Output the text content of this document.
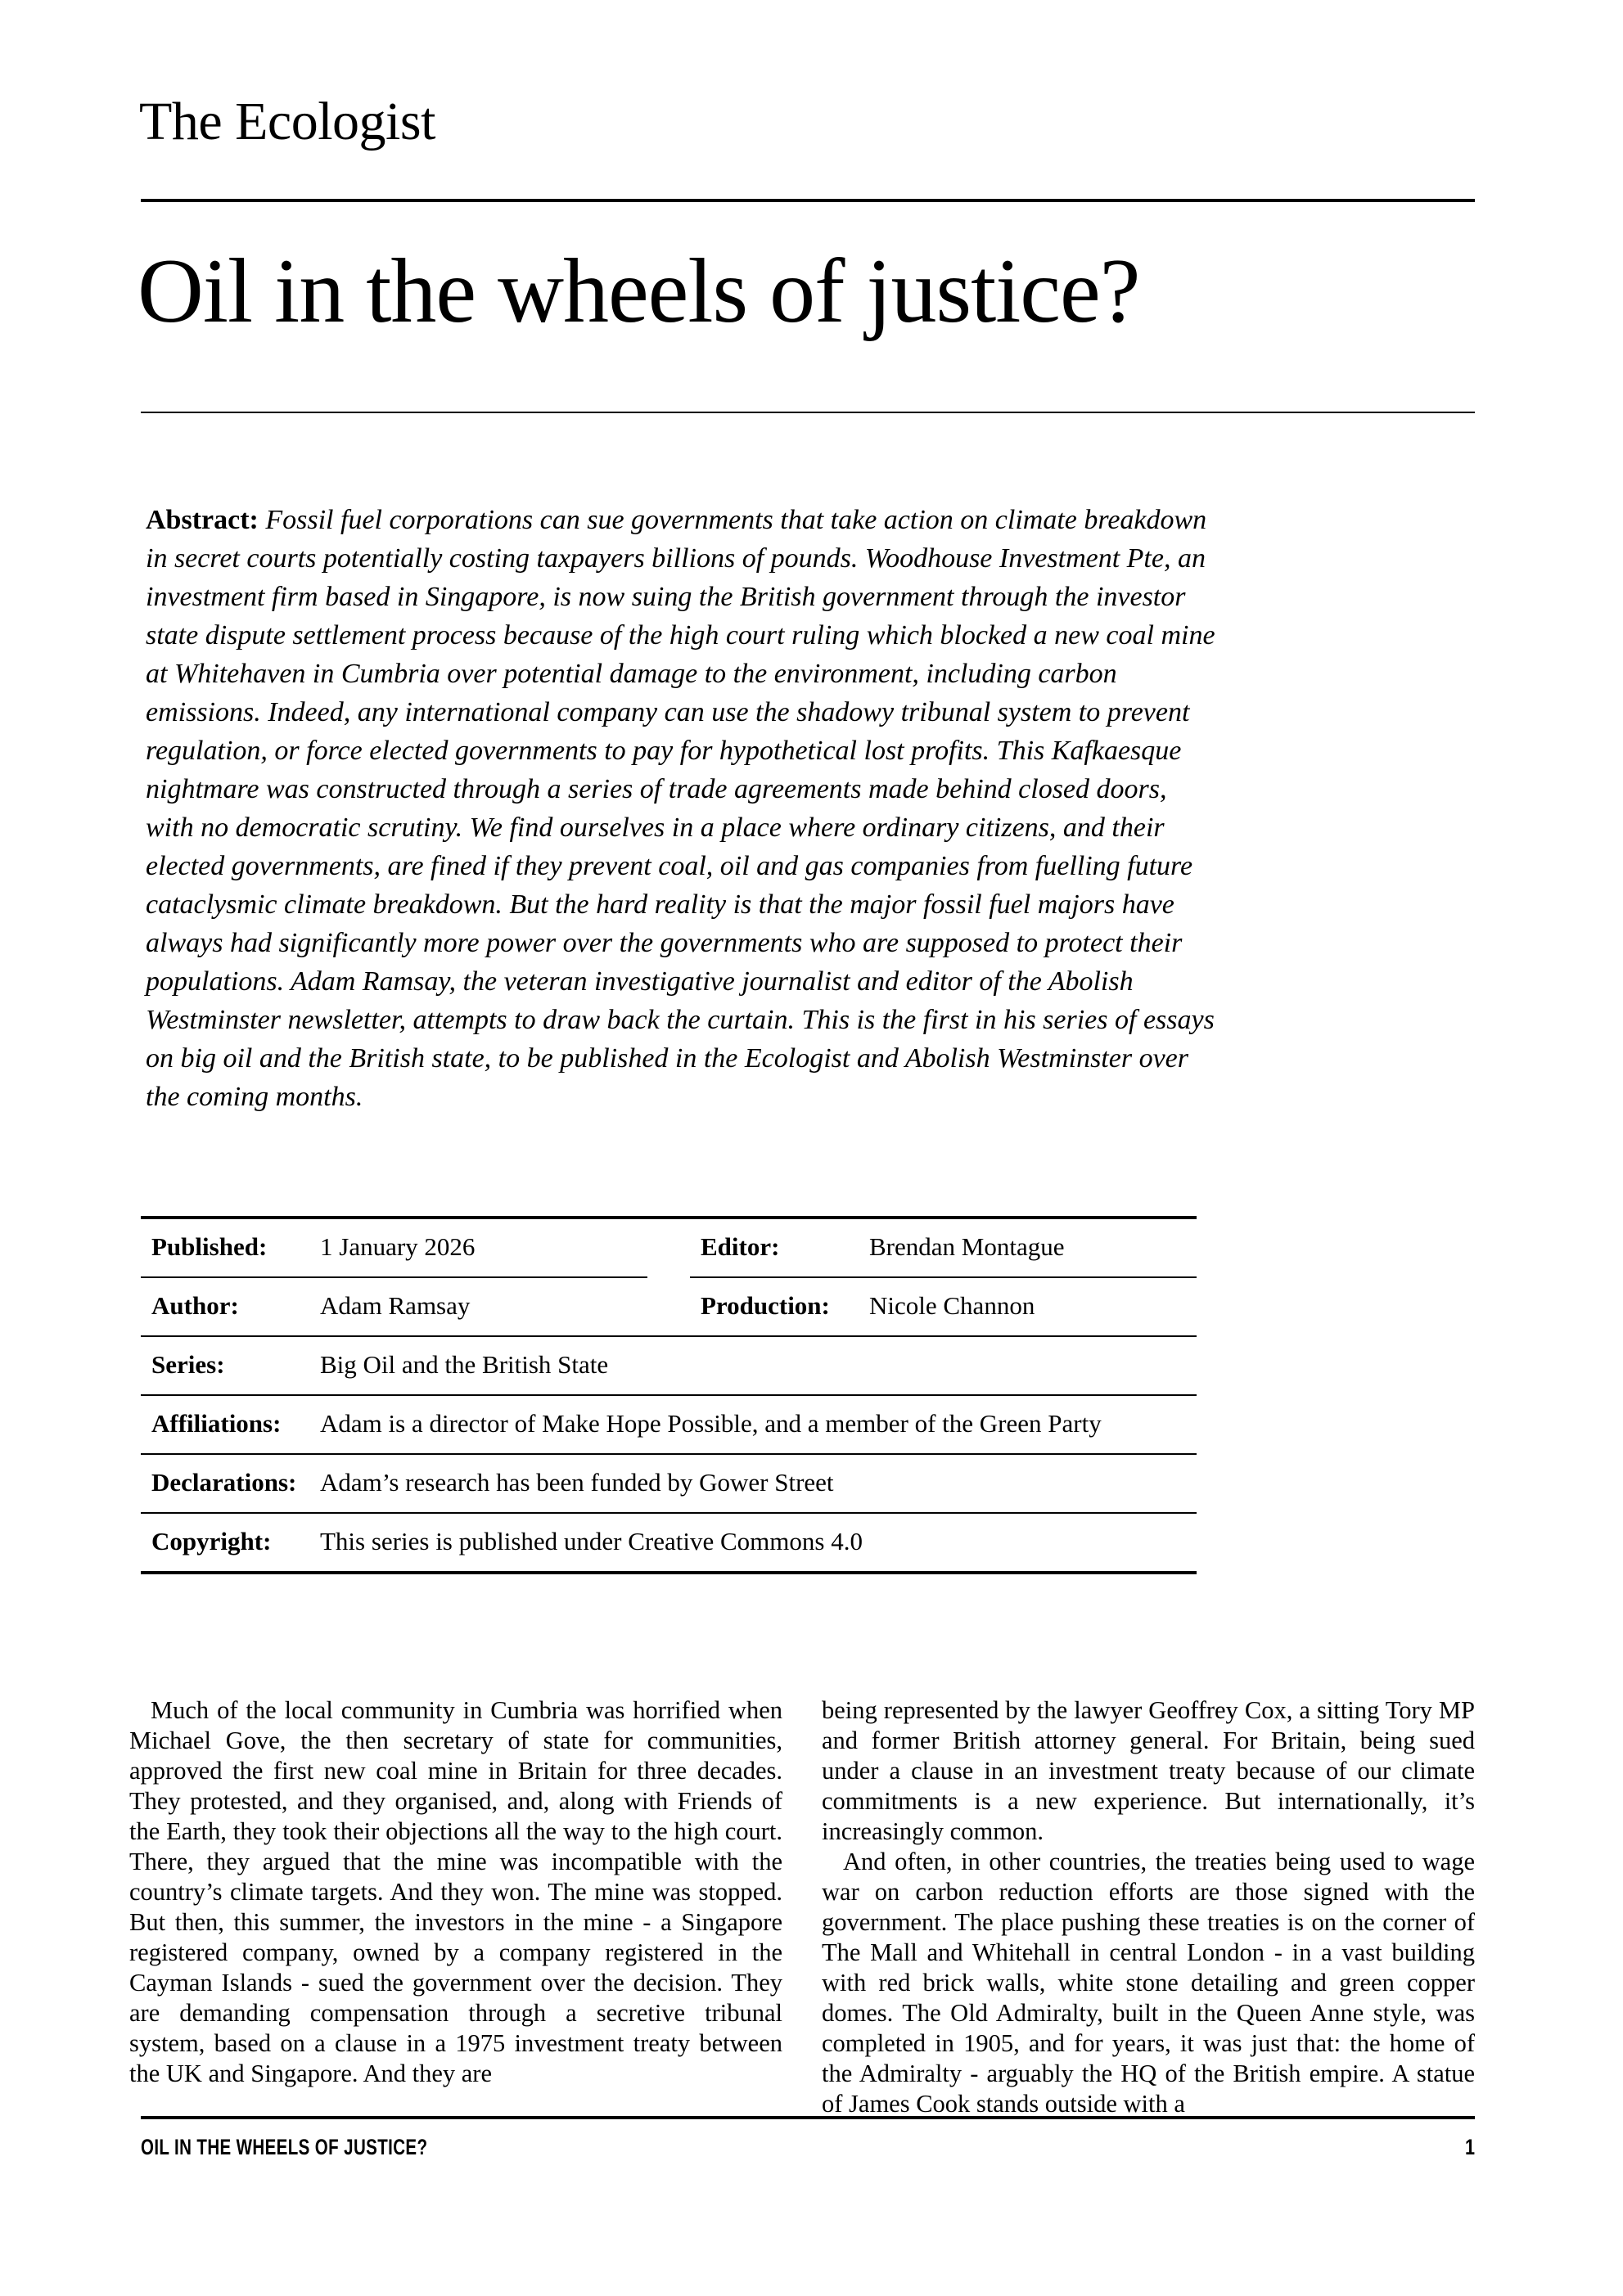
The Ecologist
Oil in the wheels of justice?
Abstract: Fossil fuel corporations can sue governments that take action on climate breakdown in secret courts potentially costing taxpayers billions of pounds. Woodhouse Investment Pte, an investment firm based in Singapore, is now suing the British government through the investor state dispute settlement process because of the high court ruling which blocked a new coal mine at Whitehaven in Cumbria over potential damage to the environment, including carbon emissions. Indeed, any international company can use the shadowy tribunal system to prevent regulation, or force elected governments to pay for hypothetical lost profits. This Kafkaesque nightmare was constructed through a series of trade agreements made behind closed doors, with no democratic scrutiny. We find ourselves in a place where ordinary citizens, and their elected governments, are fined if they prevent coal, oil and gas companies from fuelling future cataclysmic climate breakdown. But the hard reality is that the major fossil fuel majors have always had significantly more power over the governments who are supposed to protect their populations. Adam Ramsay, the veteran investigative journalist and editor of the Abolish Westminster newsletter, attempts to draw back the curtain. This is the first in his series of essays on big oil and the British state, to be published in the Ecologist and Abolish Westminster over the coming months.
Published:	1 January 2026	Editor:	Brendan Montague
Author:	Adam Ramsay	Production:	Nicole Channon
Series:	Big Oil and the British State
Affiliations:	Adam is a director of Make Hope Possible, and a member of the Green Party
Declarations: Adam’s research has been funded by Gower Street
Copyright:	This series is published under Creative Commons 4.0

Much of the local community in Cumbria was horrified when Michael Gove, the then secretary of state for communities, approved the first new coal mine in Britain for three decades. They protested, and they organised, and, along with Friends of the Earth, they took their objections all the way to the high court. There, they argued that the mine was incompatible with the country’s climate targets. And they won. The mine was stopped. But then, this summer, the investors in the mine - a Singapore registered company, owned by a company registered in the Cayman Islands - sued the government over the decision. They are demanding compensation through a secretive tribunal system, based on a clause in a 1975 investment treaty between the UK and Singapore. And they are

being represented by the lawyer Geoffrey Cox, a sitting Tory MP and former British attorney general. For Britain, being sued under a clause in an investment treaty because of our climate commitments is a new experience. But internationally, it’s increasingly common.

And often, in other countries, the treaties being used to wage war on carbon reduction efforts are those signed with the government. The place pushing these treaties is on the corner of The Mall and Whitehall in central London - in a vast building with red brick walls, white stone detailing and green copper domes. The Old Admiralty, built in the Queen Anne style, was completed in 1905, and for years, it was just that: the home of the Admiralty - arguably the HQ of the British empire. A statue of James Cook stands outside with a

OIL IN THE WHEELS OF JUSTICE?	1
